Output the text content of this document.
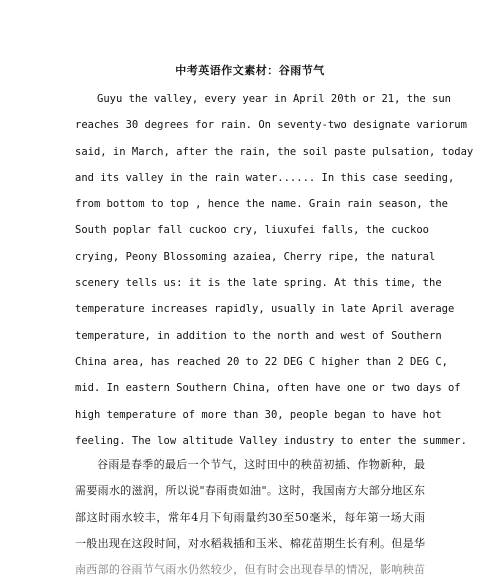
中考英语作文素材：谷雨节气
Guyu the valley, every year in April 20th or 21, the sun
reaches 30 degrees for rain. On seventy-two designate variorum
said, in March, after the rain, the soil paste pulsation, today
and its valley in the rain water...... In this case seeding,
from bottom to top , hence the name. Grain rain season, the
South poplar fall cuckoo cry, liuxufei falls, the cuckoo
crying, Peony Blossoming azaiea, Cherry ripe, the natural
scenery tells us: it is the late spring. At this time, the
temperature increases rapidly, usually in late April average
temperature, in addition to the north and west of Southern
China area, has reached 20 to 22 DEG C higher than 2 DEG C,
mid. In eastern Southern China, often have one or two days of
high temperature of more than 30, people began to have hot
feeling. The low altitude Valley industry to enter the summer.
谷雨是春季的最后一个节气，这时田中的秧苗初插、作物新种，最
需要雨水的滋润，所以说"春雨贵如油"。这时，我国南方大部分地区东
部这时雨水较丰，常年4月下旬雨量约30至50毫米，每年第一场大雨
一般出现在这段时间，对水稻栽插和玉米、棉花苗期生长有利。但是华
南西部的谷雨节气雨水仍然较少，但有时会出现春旱的情况，影响秧苗
